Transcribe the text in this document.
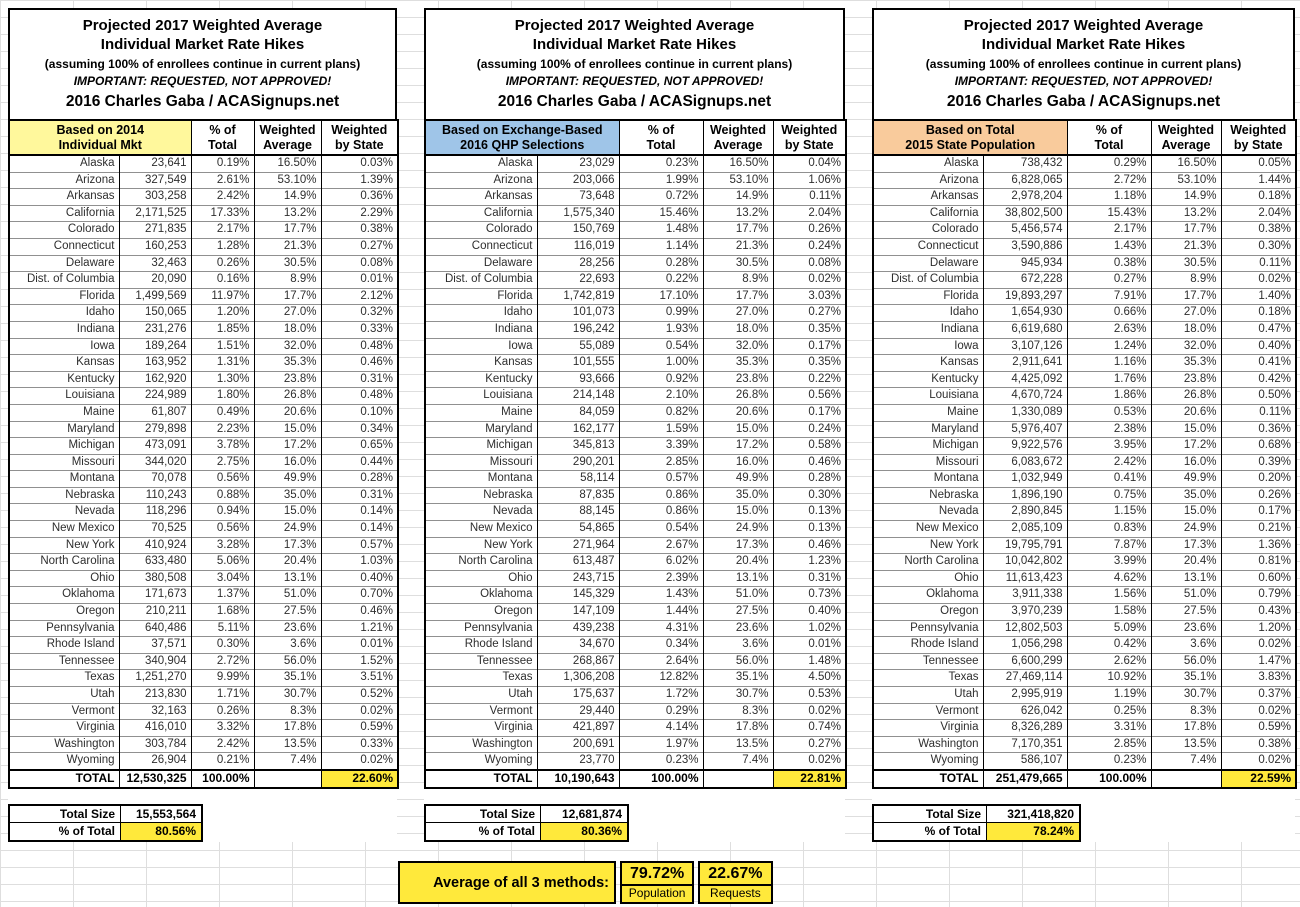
Projected 2017 Weighted Average
Individual Market Rate Hikes
(assuming 100% of enrollees continue in current plans)
IMPORTANT: REQUESTED, NOT APPROVED!
2016 Charles Gaba / ACASignups.net
Based on 2014
Individual Mkt

% of
Total

Weighted
Average

Weighted
by State

Alaska	23,641	0.19%	16.50%	0.03%
Arizona	327,549	2.61%	53.10%	1.39%
Arkansas	303,258	2.42%	14.9%	0.36%
California	2,171,525	17.33%	13.2%	2.29%
Colorado	271,835	2.17%	17.7%	0.38%
Connecticut	160,253	1.28%	21.3%	0.27%
Delaware	32,463	0.26%	30.5%	0.08%
Dist. of Columbia	20,090	0.16%	8.9%	0.01%
Florida	1,499,569	11.97%	17.7%	2.12%
Idaho	150,065	1.20%	27.0%	0.32%
Indiana	231,276	1.85%	18.0%	0.33%
Iowa	189,264	1.51%	32.0%	0.48%
Kansas	163,952	1.31%	35.3%	0.46%
Kentucky	162,920	1.30%	23.8%	0.31%
Louisiana	224,989	1.80%	26.8%	0.48%
Maine	61,807	0.49%	20.6%	0.10%
Maryland	279,898	2.23%	15.0%	0.34%
Michigan	473,091	3.78%	17.2%	0.65%
Missouri	344,020	2.75%	16.0%	0.44%
Montana	70,078	0.56%	49.9%	0.28%
Nebraska	110,243	0.88%	35.0%	0.31%
Nevada	118,296	0.94%	15.0%	0.14%
New Mexico	70,525	0.56%	24.9%	0.14%
New York	410,924	3.28%	17.3%	0.57%
North Carolina	633,480	5.06%	20.4%	1.03%
Ohio	380,508	3.04%	13.1%	0.40%
Oklahoma	171,673	1.37%	51.0%	0.70%
Oregon	210,211	1.68%	27.5%	0.46%
Pennsylvania	640,486	5.11%	23.6%	1.21%
Rhode Island	37,571	0.30%	3.6%	0.01%
Tennessee	340,904	2.72%	56.0%	1.52%
Texas	1,251,270	9.99%	35.1%	3.51%
Utah	213,830	1.71%	30.7%	0.52%
Vermont	32,163	0.26%	8.3%	0.02%
Virginia	416,010	3.32%	17.8%	0.59%
Washington	303,784	2.42%	13.5%	0.33%
Wyoming	26,904	0.21%	7.4%	0.02%
TOTAL	12,530,325	100.00%		22.60%
Total Size	15,553,564
% of Total	80.56%
Projected 2017 Weighted Average
Individual Market Rate Hikes
(assuming 100% of enrollees continue in current plans)
IMPORTANT: REQUESTED, NOT APPROVED!
2016 Charles Gaba / ACASignups.net
Based on Exchange-Based
2016 QHP Selections

% of
Total

Weighted
Average

Weighted
by State

Alaska	23,029	0.23%	16.50%	0.04%
Arizona	203,066	1.99%	53.10%	1.06%
Arkansas	73,648	0.72%	14.9%	0.11%
California	1,575,340	15.46%	13.2%	2.04%
Colorado	150,769	1.48%	17.7%	0.26%
Connecticut	116,019	1.14%	21.3%	0.24%
Delaware	28,256	0.28%	30.5%	0.08%
Dist. of Columbia	22,693	0.22%	8.9%	0.02%
Florida	1,742,819	17.10%	17.7%	3.03%
Idaho	101,073	0.99%	27.0%	0.27%
Indiana	196,242	1.93%	18.0%	0.35%
Iowa	55,089	0.54%	32.0%	0.17%
Kansas	101,555	1.00%	35.3%	0.35%
Kentucky	93,666	0.92%	23.8%	0.22%
Louisiana	214,148	2.10%	26.8%	0.56%
Maine	84,059	0.82%	20.6%	0.17%
Maryland	162,177	1.59%	15.0%	0.24%
Michigan	345,813	3.39%	17.2%	0.58%
Missouri	290,201	2.85%	16.0%	0.46%
Montana	58,114	0.57%	49.9%	0.28%
Nebraska	87,835	0.86%	35.0%	0.30%
Nevada	88,145	0.86%	15.0%	0.13%
New Mexico	54,865	0.54%	24.9%	0.13%
New York	271,964	2.67%	17.3%	0.46%
North Carolina	613,487	6.02%	20.4%	1.23%
Ohio	243,715	2.39%	13.1%	0.31%
Oklahoma	145,329	1.43%	51.0%	0.73%
Oregon	147,109	1.44%	27.5%	0.40%
Pennsylvania	439,238	4.31%	23.6%	1.02%
Rhode Island	34,670	0.34%	3.6%	0.01%
Tennessee	268,867	2.64%	56.0%	1.48%
Texas	1,306,208	12.82%	35.1%	4.50%
Utah	175,637	1.72%	30.7%	0.53%
Vermont	29,440	0.29%	8.3%	0.02%
Virginia	421,897	4.14%	17.8%	0.74%
Washington	200,691	1.97%	13.5%	0.27%
Wyoming	23,770	0.23%	7.4%	0.02%
TOTAL	10,190,643	100.00%		22.81%
Total Size	12,681,874
% of Total	80.36%
Projected 2017 Weighted Average
Individual Market Rate Hikes
(assuming 100% of enrollees continue in current plans)
IMPORTANT: REQUESTED, NOT APPROVED!
2016 Charles Gaba / ACASignups.net
Based on Total
2015 State Population

% of
Total

Weighted
Average

Weighted
by State

Alaska	738,432	0.29%	16.50%	0.05%
Arizona	6,828,065	2.72%	53.10%	1.44%
Arkansas	2,978,204	1.18%	14.9%	0.18%
California	38,802,500	15.43%	13.2%	2.04%
Colorado	5,456,574	2.17%	17.7%	0.38%
Connecticut	3,590,886	1.43%	21.3%	0.30%
Delaware	945,934	0.38%	30.5%	0.11%
Dist. of Columbia	672,228	0.27%	8.9%	0.02%
Florida	19,893,297	7.91%	17.7%	1.40%
Idaho	1,654,930	0.66%	27.0%	0.18%
Indiana	6,619,680	2.63%	18.0%	0.47%
Iowa	3,107,126	1.24%	32.0%	0.40%
Kansas	2,911,641	1.16%	35.3%	0.41%
Kentucky	4,425,092	1.76%	23.8%	0.42%
Louisiana	4,670,724	1.86%	26.8%	0.50%
Maine	1,330,089	0.53%	20.6%	0.11%
Maryland	5,976,407	2.38%	15.0%	0.36%
Michigan	9,922,576	3.95%	17.2%	0.68%
Missouri	6,083,672	2.42%	16.0%	0.39%
Montana	1,032,949	0.41%	49.9%	0.20%
Nebraska	1,896,190	0.75%	35.0%	0.26%
Nevada	2,890,845	1.15%	15.0%	0.17%
New Mexico	2,085,109	0.83%	24.9%	0.21%
New York	19,795,791	7.87%	17.3%	1.36%
North Carolina	10,042,802	3.99%	20.4%	0.81%
Ohio	11,613,423	4.62%	13.1%	0.60%
Oklahoma	3,911,338	1.56%	51.0%	0.79%
Oregon	3,970,239	1.58%	27.5%	0.43%
Pennsylvania	12,802,503	5.09%	23.6%	1.20%
Rhode Island	1,056,298	0.42%	3.6%	0.02%
Tennessee	6,600,299	2.62%	56.0%	1.47%
Texas	27,469,114	10.92%	35.1%	3.83%
Utah	2,995,919	1.19%	30.7%	0.37%
Vermont	626,042	0.25%	8.3%	0.02%
Virginia	8,326,289	3.31%	17.8%	0.59%
Washington	7,170,351	2.85%	13.5%	0.38%
Wyoming	586,107	0.23%	7.4%	0.02%
TOTAL	251,479,665	100.00%		22.59%
Total Size	321,418,820
% of Total	78.24%
Average of all 3 methods:
79.72%
Population
22.67%
Requests
